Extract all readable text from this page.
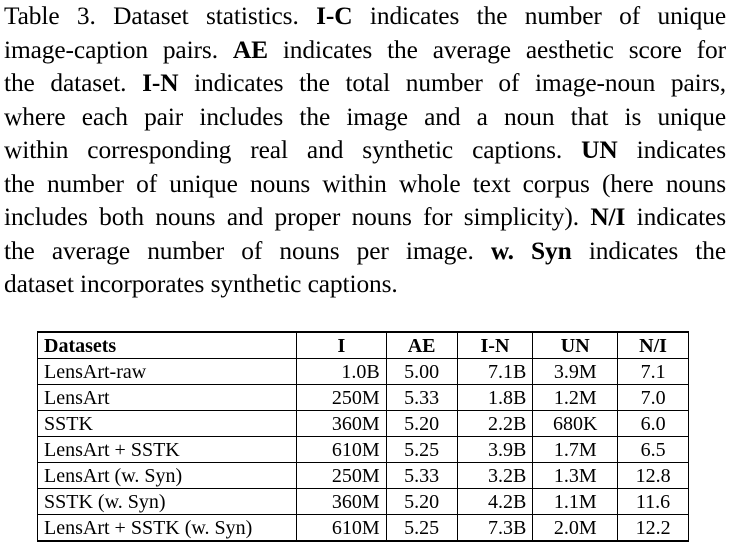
Table 3. Dataset statistics. I-C indicates the number of unique
image-caption pairs. AE indicates the average aesthetic score for
the dataset. I-N indicates the total number of image-noun pairs,
where each pair includes the image and a noun that is unique
within corresponding real and synthetic captions. UN indicates
the number of unique nouns within whole text corpus (here nouns
includes both nouns and proper nouns for simplicity). N/I indicates
the average number of nouns per image. w. Syn indicates the
dataset incorporates synthetic captions.
Datasets	I	AE	I-N	UN	N/I
LensArt-raw	1.0B	5.00	7.1B	3.9M	7.1
LensArt	250M	5.33	1.8B	1.2M	7.0
SSTK	360M	5.20	2.2B	680K	6.0
LensArt + SSTK	610M	5.25	3.9B	1.7M	6.5
LensArt (w. Syn)	250M	5.33	3.2B	1.3M	12.8
SSTK (w. Syn)	360M	5.20	4.2B	1.1M	11.6
LensArt + SSTK (w. Syn)	610M	5.25	7.3B	2.0M	12.2
